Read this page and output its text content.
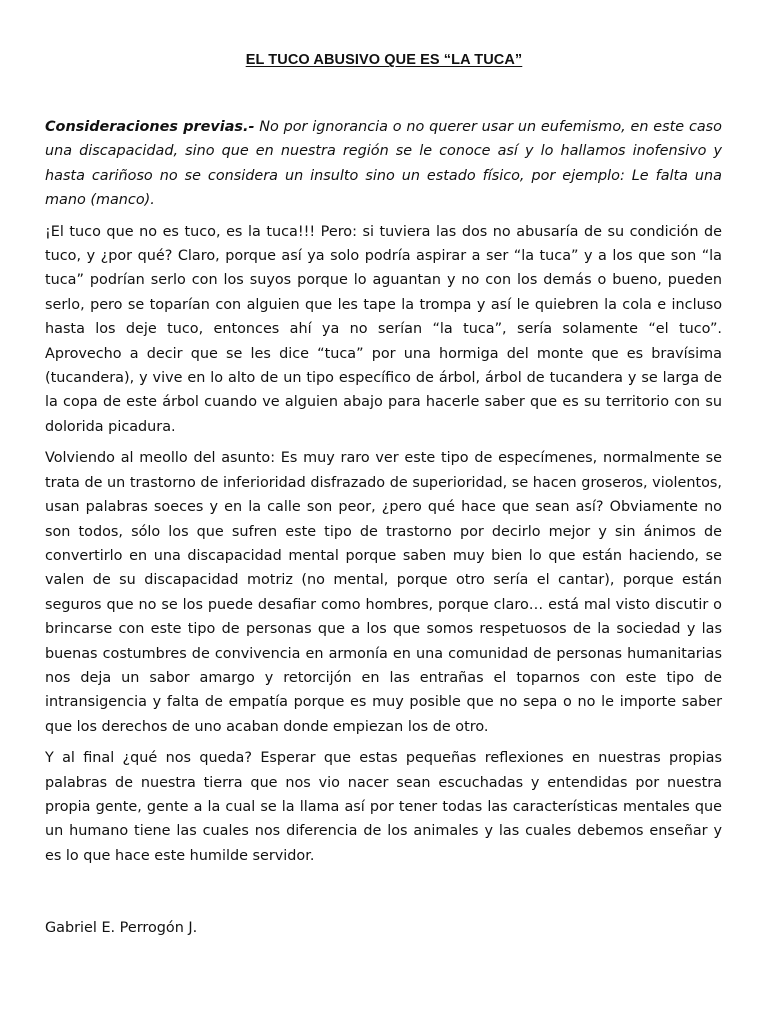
EL TUCO ABUSIVO QUE ES “LA TUCA”

Consideraciones previas.- No por ignorancia o no querer usar un eufemismo, en este caso una discapacidad, sino que en nuestra región se le conoce así y lo hallamos inofensivo y hasta cariñoso no se considera un insulto sino un estado físico, por ejemplo: Le falta una mano (manco).

¡El tuco que no es tuco, es la tuca!!! Pero: si tuviera las dos no abusaría de su condición de tuco, y ¿por qué? Claro, porque así ya solo podría aspirar a ser “la tuca” y a los que son “la tuca” podrían serlo con los suyos porque lo aguantan y no con los demás o bueno, pueden serlo, pero se toparían con alguien que les tape la trompa y así le quiebren la cola e incluso hasta los deje tuco, entonces ahí ya no serían “la tuca”, sería solamente “el tuco”. Aprovecho a decir que se les dice “tuca” por una hormiga del monte que es bravísima (tucandera), y vive en lo alto de un tipo específico de árbol, árbol de tucandera y se larga de la copa de este árbol cuando ve alguien abajo para hacerle saber que es su territorio con su dolorida picadura.

Volviendo al meollo del asunto: Es muy raro ver este tipo de especímenes, normalmente se trata de un trastorno de inferioridad disfrazado de superioridad, se hacen groseros, violentos, usan palabras soeces y en la calle son peor, ¿pero qué hace que sean así? Obviamente no son todos, sólo los que sufren este tipo de trastorno por decirlo mejor y sin ánimos de convertirlo en una discapacidad mental porque saben muy bien lo que están haciendo, se valen de su discapacidad motriz (no mental, porque otro sería el cantar), porque están seguros que no se los puede desafiar como hombres, porque claro… está mal visto discutir o brincarse con este tipo de personas que a los que somos respetuosos de la sociedad y las buenas costumbres de convivencia en armonía en una comunidad de personas humanitarias nos deja un sabor amargo y retorcijón en las entrañas el toparnos con este tipo de intransigencia y falta de empatía porque es muy posible que no sepa o no le importe saber que los derechos de uno acaban donde empiezan los de otro.

Y al final ¿qué nos queda? Esperar que estas pequeñas reflexiones en nuestras propias palabras de nuestra tierra que nos vio nacer sean escuchadas y entendidas por nuestra propia gente, gente a la cual se la llama así por tener todas las características mentales que un humano tiene las cuales nos diferencia de los animales y las cuales debemos enseñar y es lo que hace este humilde servidor.

Gabriel E. Perrogón J.
